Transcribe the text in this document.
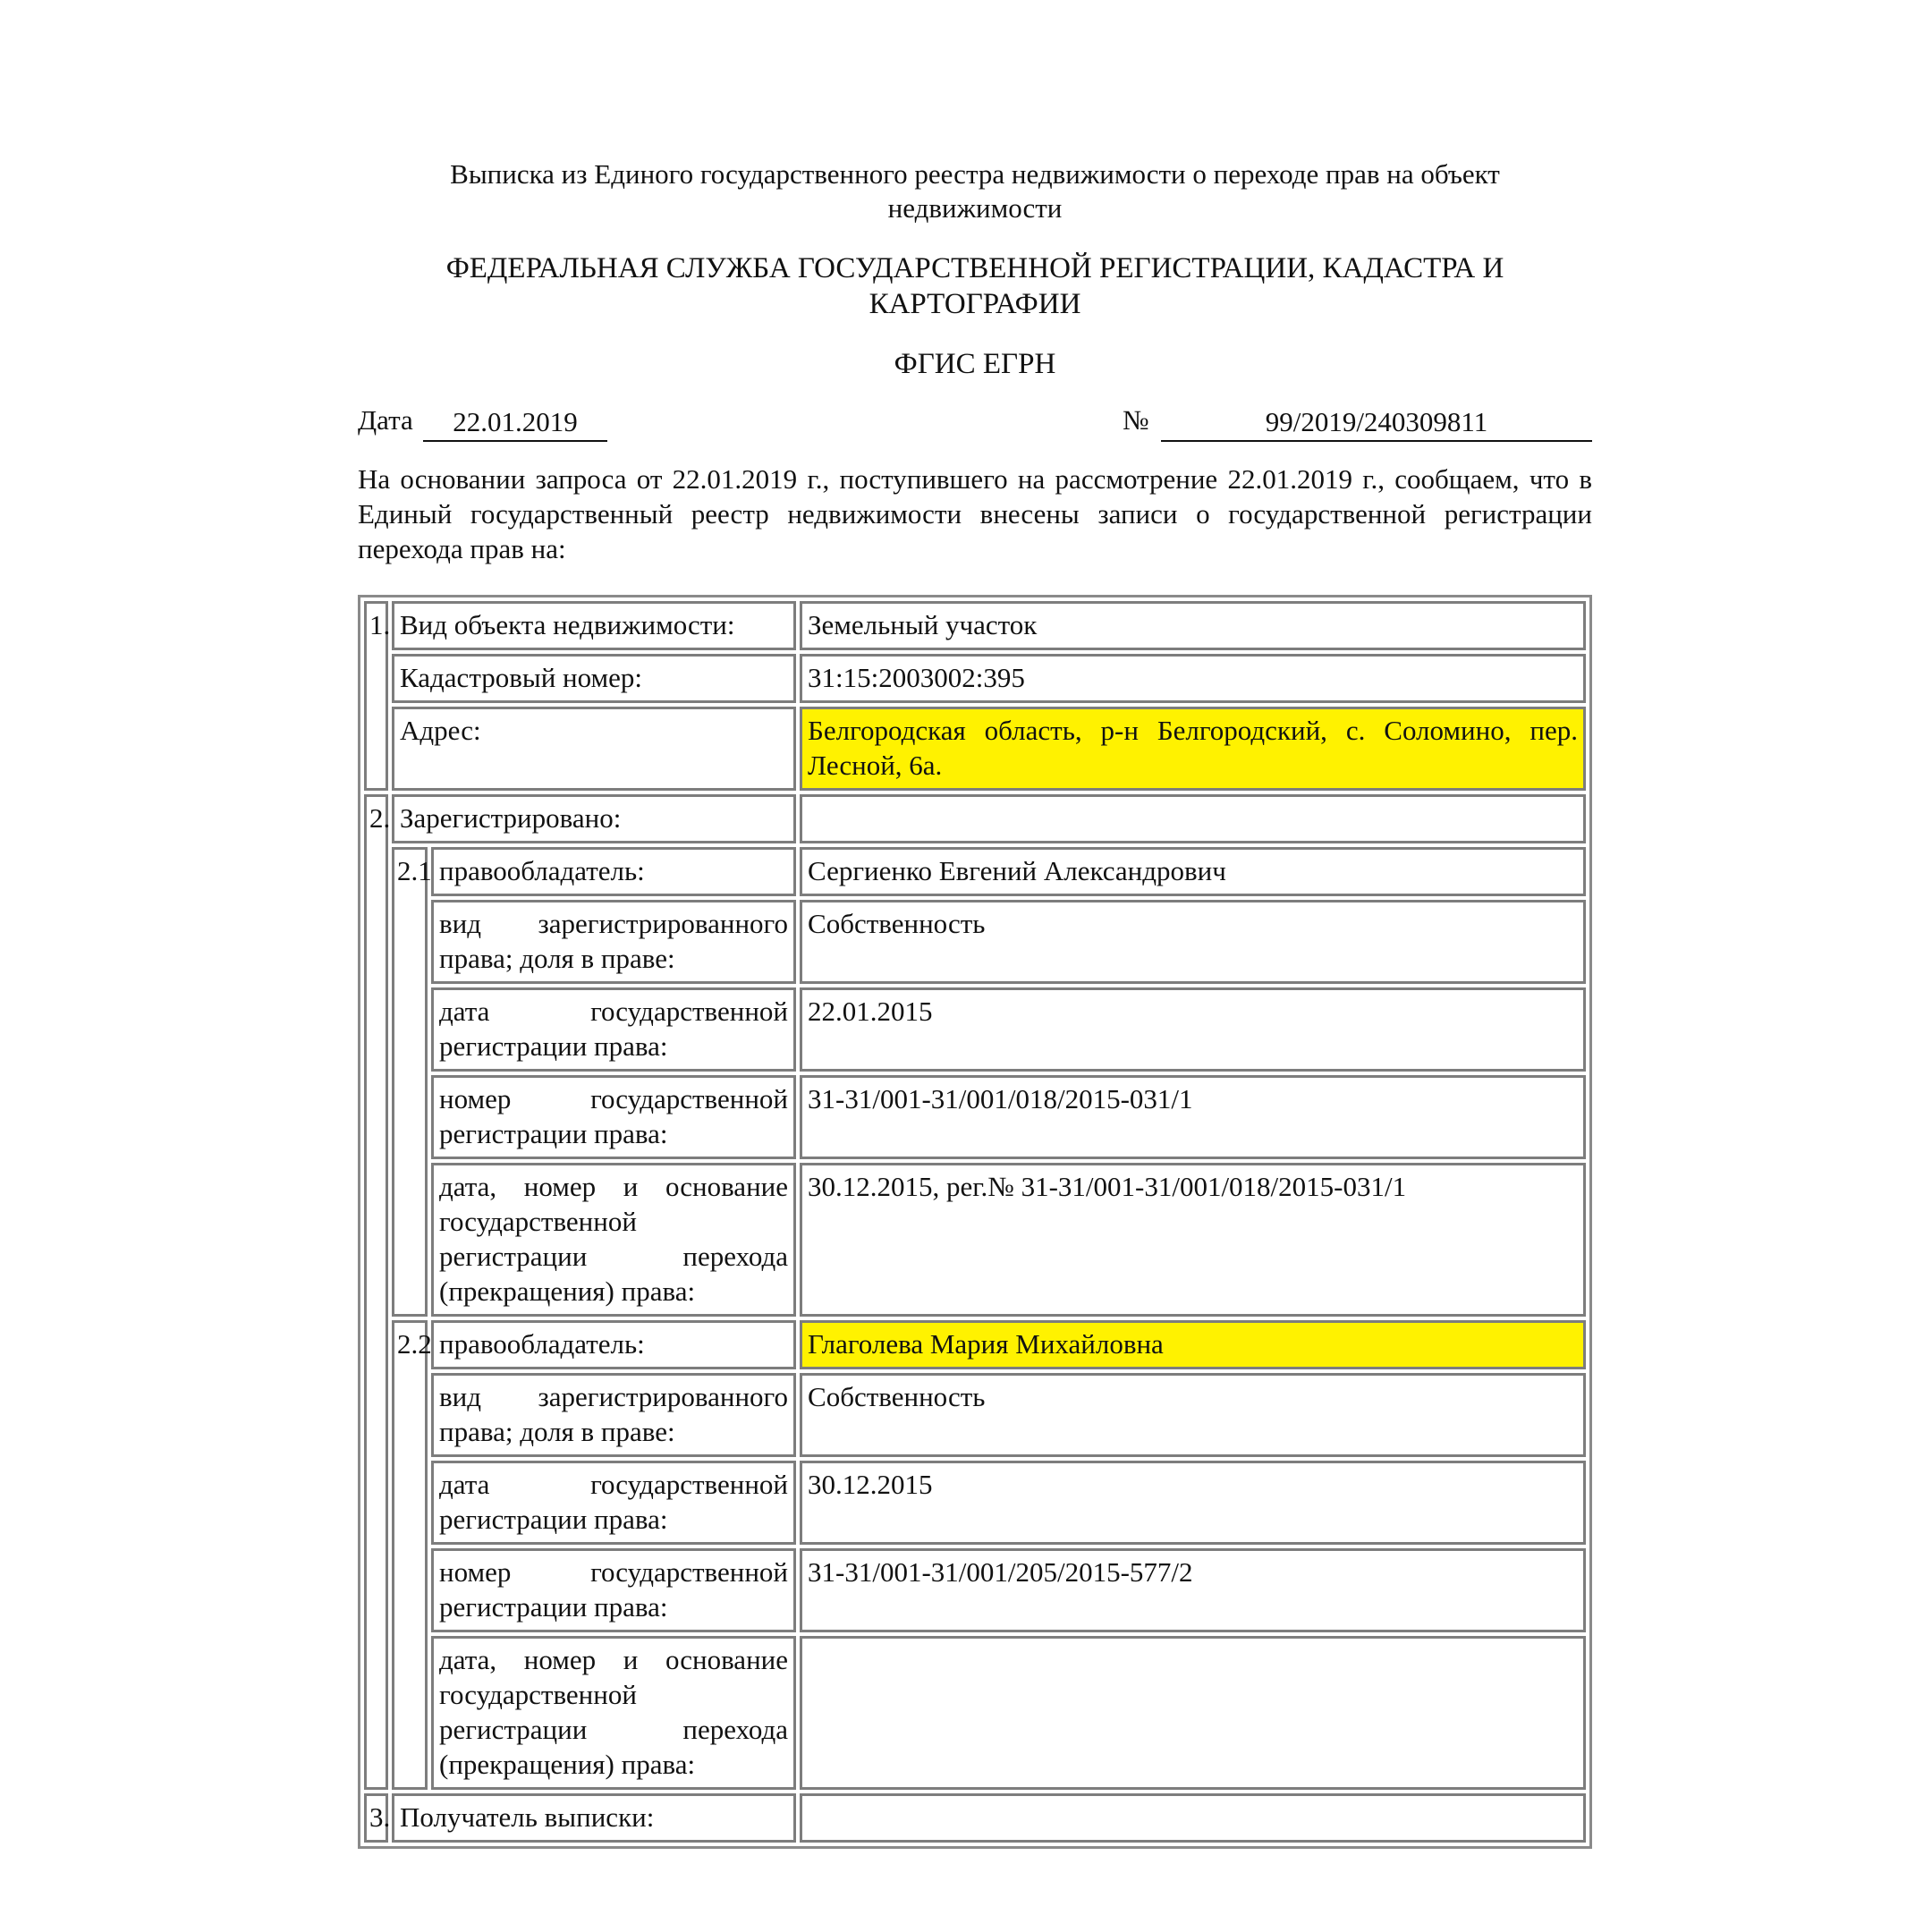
Выписка из Единого государственного реестра недвижимости о переходе прав на объект
недвижимости
ФЕДЕРАЛЬНАЯ СЛУЖБА ГОСУДАРСТВЕННОЙ РЕГИСТРАЦИИ, КАДАСТРА И
КАРТОГРАФИИ
ФГИС ЕГРН
Дата	22.01.2019	№	99/2019/240309811
На основании запроса от 22.01.2019 г., поступившего на рассмотрение 22.01.2019 г., сообщаем, что в Единый государственный реестр недвижимости внесены записи о государственной регистрации перехода прав на:
1.	Вид объекта недвижимости:		Земельный участок
	Кадастровый номер:		31:15:2003002:395
	Адрес:		Белгородская область, р-н Белгородский, с. Соломино, пер. Лесной, 6а.
2.	Зарегистрировано:		
	2.1	правообладатель:	Сергиенко Евгений Александрович
		вид зарегистрированного права; доля в праве:	Собственность
		дата государственной регистрации права:	22.01.2015
		номер государственной регистрации права:	31-31/001-31/001/018/2015-031/1
		дата, номер и основание государственной регистрации перехода (прекращения) права:	30.12.2015, рег.№ 31-31/001-31/001/018/2015-031/1
	2.2	правообладатель:	Глаголева Мария Михайловна
		вид зарегистрированного права; доля в праве:	Собственность
		дата государственной регистрации права:	30.12.2015
		номер государственной регистрации права:	31-31/001-31/001/205/2015-577/2
		дата, номер и основание государственной регистрации перехода (прекращения) права:	
3.	Получатель выписки:		
